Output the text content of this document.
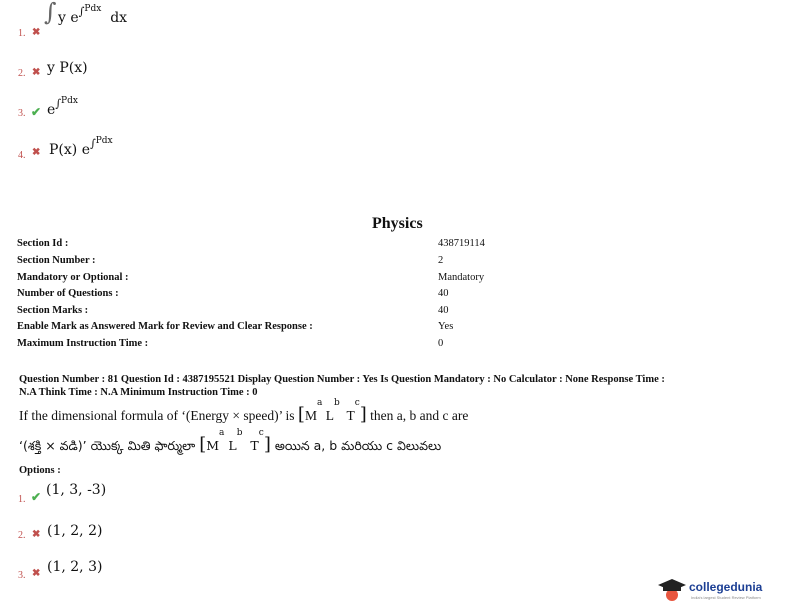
1. ✖
∫ y $e^{\int Pdx}$  dx
2. ✖ y P(x)
3. ✔ $e^{\int Pdx}$
4. ✖ P(x) $e^{\int Pdx}$
Physics
Section Id :	438719114
Section Number :	2
Mandatory or Optional :	Mandatory
Number of Questions :	40
Section Marks :	40
Enable Mark as Answered Mark for Review and Clear Response :	Yes
Maximum Instruction Time :	0
Question Number : 81 Question Id : 4387195521 Display Question Number : Yes Is Question Mandatory : No Calculator : None Response Time :
N.A Think Time : N.A Minimum Instruction Time : 0
If the dimensional formula of ‘(Energy × speed)’ is [$M^a$ $L^b$  $T^c$] then a, b and c are
‘(శక్తి × వడి)’ యొక్క మితి ఫార్ములా [$M^a$ $L^b$  $T^c$] అయిన a, b మరియు c విలువలు
Options :
1. ✔ (1, 3, -3)
2. ✖ (1, 2, 2)
3. ✖ (1, 2, 3)
collegedunia
India's largest Student Review Platform
